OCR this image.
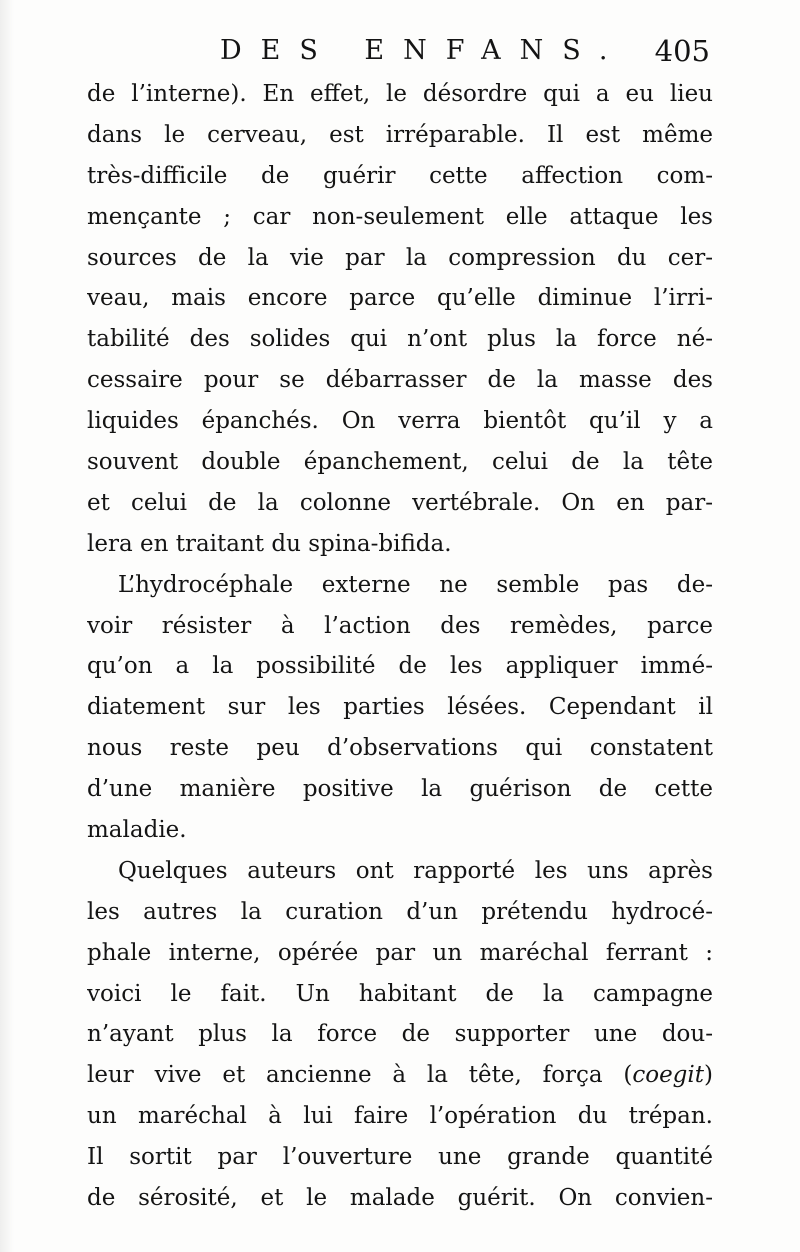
DES ENFANS. 405
de l’interne). En effet, le désordre qui a eu lieu
dans le cerveau, est irréparable. Il est même
très-difficile de guérir cette affection com-
mençante ; car non-seulement elle attaque les
sources de la vie par la compression du cer-
veau, mais encore parce qu’elle diminue l’irri-
tabilité des solides qui n’ont plus la force né-
cessaire pour se débarrasser de la masse des
liquides épanchés. On verra bientôt qu’il y a
souvent double épanchement, celui de la tête
et celui de la colonne vertébrale. On en par-
lera en traitant du spina-bifida.
L’hydrocéphale externe ne semble pas de-
voir résister à l’action des remèdes, parce
qu’on a la possibilité de les appliquer immé-
diatement sur les parties lésées. Cependant il
nous reste peu d’observations qui constatent
d’une manière positive la guérison de cette
maladie.
Quelques auteurs ont rapporté les uns après
les autres la curation d’un prétendu hydrocé-
phale interne, opérée par un maréchal ferrant :
voici le fait. Un habitant de la campagne
n’ayant plus la force de supporter une dou-
leur vive et ancienne à la tête, força (coegit)
un maréchal à lui faire l’opération du trépan.
Il sortit par l’ouverture une grande quantité
de sérosité, et le malade guérit. On convien-
